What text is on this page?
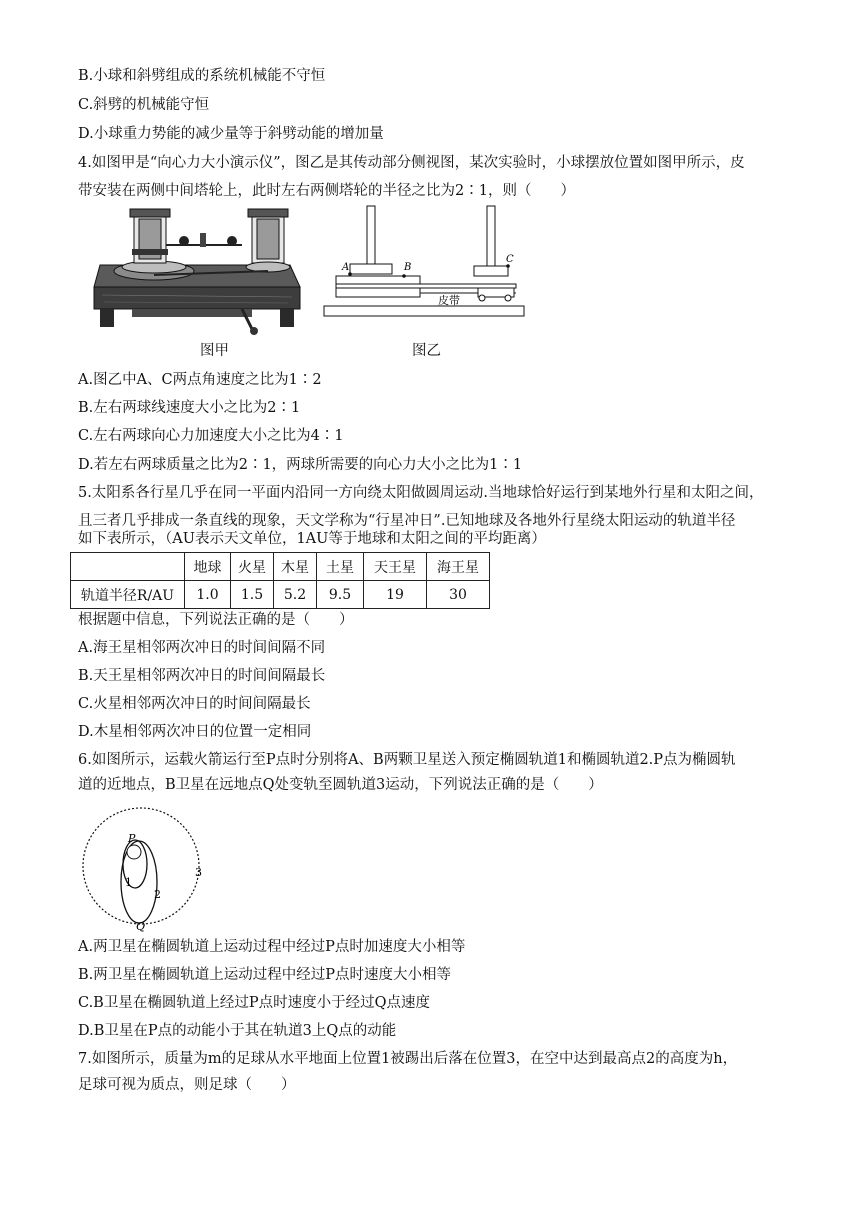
B.小球和斜劈组成的系统机械能不守恒
C.斜劈的机械能守恒
D.小球重力势能的减少量等于斜劈动能的增加量
4.如图甲是“向心力大小演示仪”，图乙是其传动部分侧视图，某次实验时，小球摆放位置如图甲所示，皮
带安装在两侧中间塔轮上，此时左右两侧塔轮的半径之比为2∶1，则（　　）
图甲
A	B
C
皮带
图乙
A.图乙中A、C两点角速度之比为1∶2
B.左右两球线速度大小之比为2∶1
C.左右两球向心力加速度大小之比为4∶1
D.若左右两球质量之比为2∶1，两球所需要的向心力大小之比为1∶1
5.太阳系各行星几乎在同一平面内沿同一方向绕太阳做圆周运动.当地球恰好运行到某地外行星和太阳之间，
且三者几乎排成一条直线的现象，天文学称为“行星冲日”.已知地球及各地外行星绕太阳运动的轨道半径
如下表所示，（AU表示天文单位，1AU等于地球和太阳之间的平均距离）
	地球	火星	木星	土星	天王星	海王星
轨道半径R/AU	1.0	1.5	5.2	9.5	19	30
根据题中信息，下列说法正确的是（　　）
A.海王星相邻两次冲日的时间间隔不同
B.天王星相邻两次冲日的时间间隔最长
C.火星相邻两次冲日的时间间隔最长
D.木星相邻两次冲日的位置一定相同
6.如图所示，运载火箭运行至P点时分别将A、B两颗卫星送入预定椭圆轨道1和椭圆轨道2.P点为椭圆轨
道的近地点，B卫星在远地点Q处变轨至圆轨道3运动，下列说法正确的是（　　）
P
1
2
3
Q
A.两卫星在椭圆轨道上运动过程中经过P点时加速度大小相等
B.两卫星在椭圆轨道上运动过程中经过P点时速度大小相等
C.B卫星在椭圆轨道上经过P点时速度小于经过Q点速度
D.B卫星在P点的动能小于其在轨道3上Q点的动能
7.如图所示，质量为m的足球从水平地面上位置1被踢出后落在位置3，在空中达到最高点2的高度为h，
足球可视为质点，则足球（　　）
